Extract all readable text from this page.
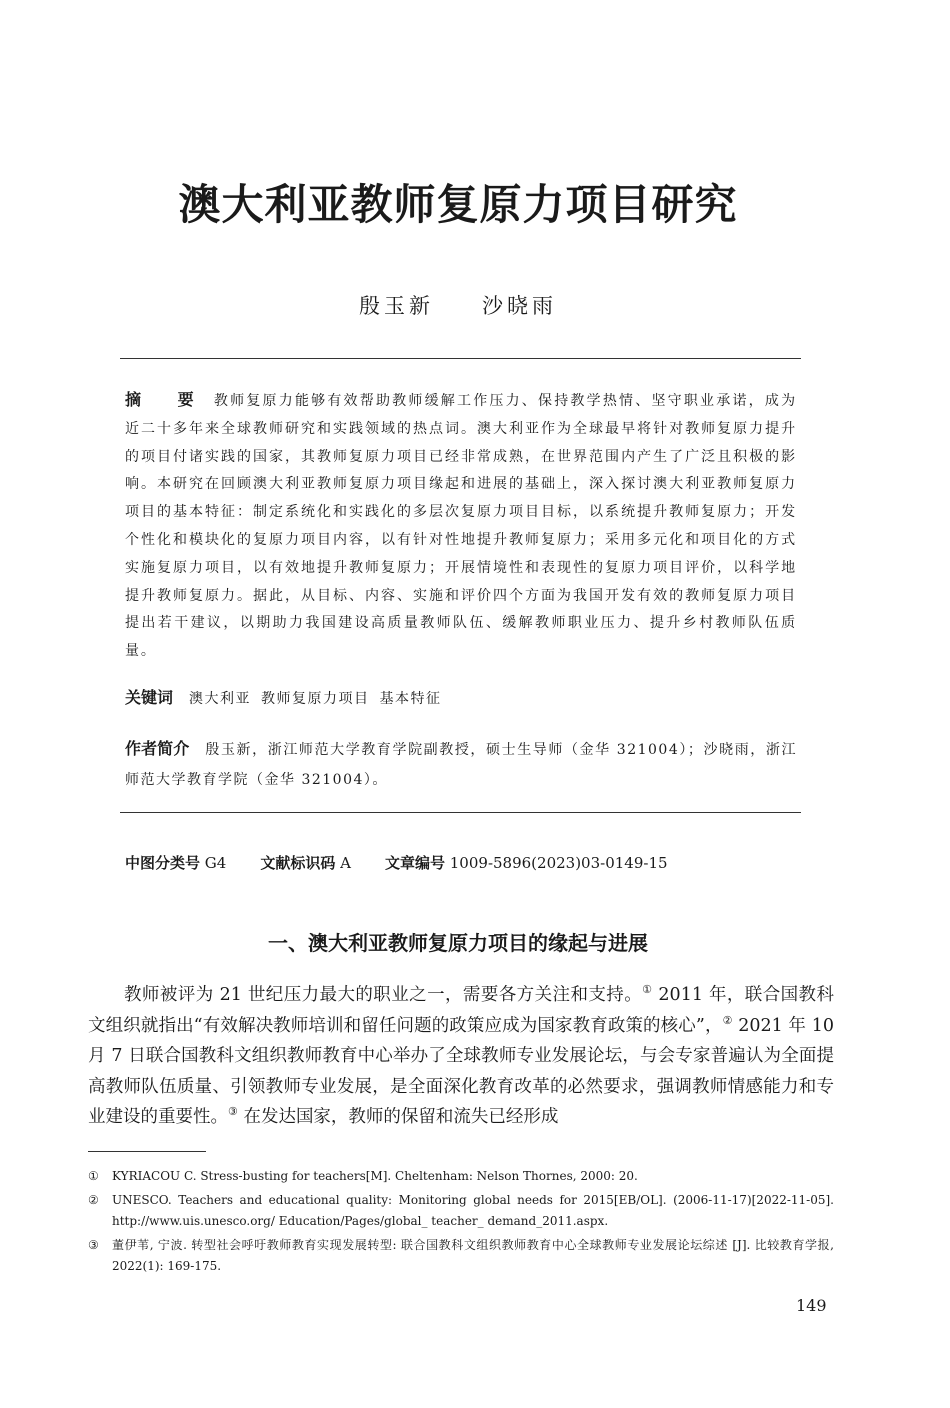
澳大利亚教师复原力项目研究
殷玉新 沙晓雨
摘　要 教师复原力能够有效帮助教师缓解工作压力、保持教学热情、坚守职业承诺，成为近二十多年来全球教师研究和实践领域的热点词。澳大利亚作为全球最早将针对教师复原力提升的项目付诸实践的国家，其教师复原力项目已经非常成熟，在世界范围内产生了广泛且积极的影响。本研究在回顾澳大利亚教师复原力项目缘起和进展的基础上，深入探讨澳大利亚教师复原力项目的基本特征：制定系统化和实践化的多层次复原力项目目标，以系统提升教师复原力；开发个性化和模块化的复原力项目内容，以有针对性地提升教师复原力；采用多元化和项目化的方式实施复原力项目，以有效地提升教师复原力；开展情境性和表现性的复原力项目评价，以科学地提升教师复原力。据此，从目标、内容、实施和评价四个方面为我国开发有效的教师复原力项目提出若干建议，以期助力我国建设高质量教师队伍、缓解教师职业压力、提升乡村教师队伍质量。
关键词 澳大利亚 教师复原力项目 基本特征
作者简介 殷玉新，浙江师范大学教育学院副教授，硕士生导师（金华 321004）；沙晓雨，浙江师范大学教育学院（金华 321004）。
中图分类号 G4 文献标识码 A 文章编号 1009-5896(2023)03-0149-15
一、澳大利亚教师复原力项目的缘起与进展

教师被评为 21 世纪压力最大的职业之一，需要各方关注和支持。① 2011 年，联合国教科文组织就指出“有效解决教师培训和留任问题的政策应成为国家教育政策的核心”，② 2021 年 10 月 7 日联合国教科文组织教师教育中心举办了全球教师专业发展论坛，与会专家普遍认为全面提高教师队伍质量、引领教师专业发展，是全面深化教育改革的必然要求，强调教师情感能力和专业建设的重要性。③ 在发达国家，教师的保留和流失已经形成

① KYRIACOU C. Stress-busting for teachers[M]. Cheltenham: Nelson Thornes, 2000: 20.
② UNESCO. Teachers and educational quality: Monitoring global needs for 2015[EB/OL]. (2006-11-17)[2022-11-05]. http://www.uis.unesco.org/ Education/Pages/global_ teacher_ demand_2011.aspx.
③ 董伊苇, 宁波. 转型社会呼吁教师教育实现发展转型: 联合国教科文组织教师教育中心全球教师专业发展论坛综述 [J]. 比较教育学报, 2022(1): 169-175.
149
